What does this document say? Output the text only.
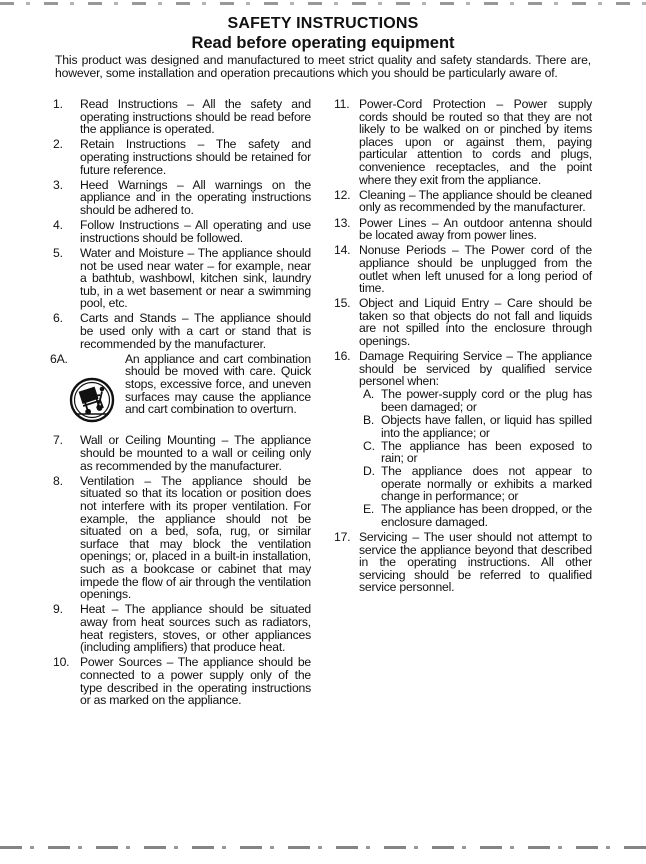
SAFETY INSTRUCTIONS
Read before operating equipment
This product was designed and manufactured to meet strict quality and safety standards. There are, however, some installation and operation precautions which you should be particularly aware of.
1.	Read Instructions – All the safety and operating instructions should be read before the appliance is operated.
2.	Retain Instructions – The safety and operating instructions should be retained for future reference.
3.	Heed Warnings – All warnings on the appliance and in the operating instructions should be adhered to.
4.	Follow Instructions – All operating and use instructions should be followed.
5.	Water and Moisture – The appliance should not be used near water – for example, near a bathtub, washbowl, kitchen sink, laundry tub, in a wet basement or near a swimming pool, etc.
6.	Carts and Stands – The appliance should be used only with a cart or stand that is recommended by the manufacturer.
6A.	An appliance and cart combination should be moved with care. Quick stops, excessive force, and uneven surfaces may cause the appliance and cart combination to overturn.
7.	Wall or Ceiling Mounting – The appliance should be mounted to a wall or ceiling only as recommended by the manufacturer.
8.	Ventilation – The appliance should be situated so that its location or position does not interfere with its proper ventilation. For example, the appliance should not be situated on a bed, sofa, rug, or similar surface that may block the ventilation openings; or, placed in a built-in installation, such as a bookcase or cabinet that may impede the flow of air through the ventilation openings.
9.	Heat – The appliance should be situated away from heat sources such as radiators, heat registers, stoves, or other appliances (including amplifiers) that produce heat.
10. Power Sources – The appliance should be connected to a power supply only of the type described in the operating instructions or as marked on the appliance.
11. Power-Cord Protection – Power supply cords should be routed so that they are not likely to be walked on or pinched by items places upon or against them, paying particular attention to cords and plugs, convenience receptacles, and the point where they exit from the appliance.
12. Cleaning – The appliance should be cleaned only as recommended by the manufacturer.
13. Power Lines – An outdoor antenna should be located away from power lines.
14. Nonuse Periods – The Power cord of the appliance should be unplugged from the outlet when left unused for a long period of time.
15. Object and Liquid Entry – Care should be taken so that objects do not fall and liquids are not spilled into the enclosure through openings.
16. Damage Requiring Service – The appliance should be serviced by qualified service personel when:
A. The power-supply cord or the plug has been damaged; or
B. Objects have fallen, or liquid has spilled into the appliance; or
C. The appliance has been exposed to rain; or
D. The appliance does not appear to operate normally or exhibits a marked change in performance; or
E. The appliance has been dropped, or the enclosure damaged.
17. Servicing – The user should not attempt to service the appliance beyond that described in the operating instructions. All other servicing should be referred to qualified service personnel.
